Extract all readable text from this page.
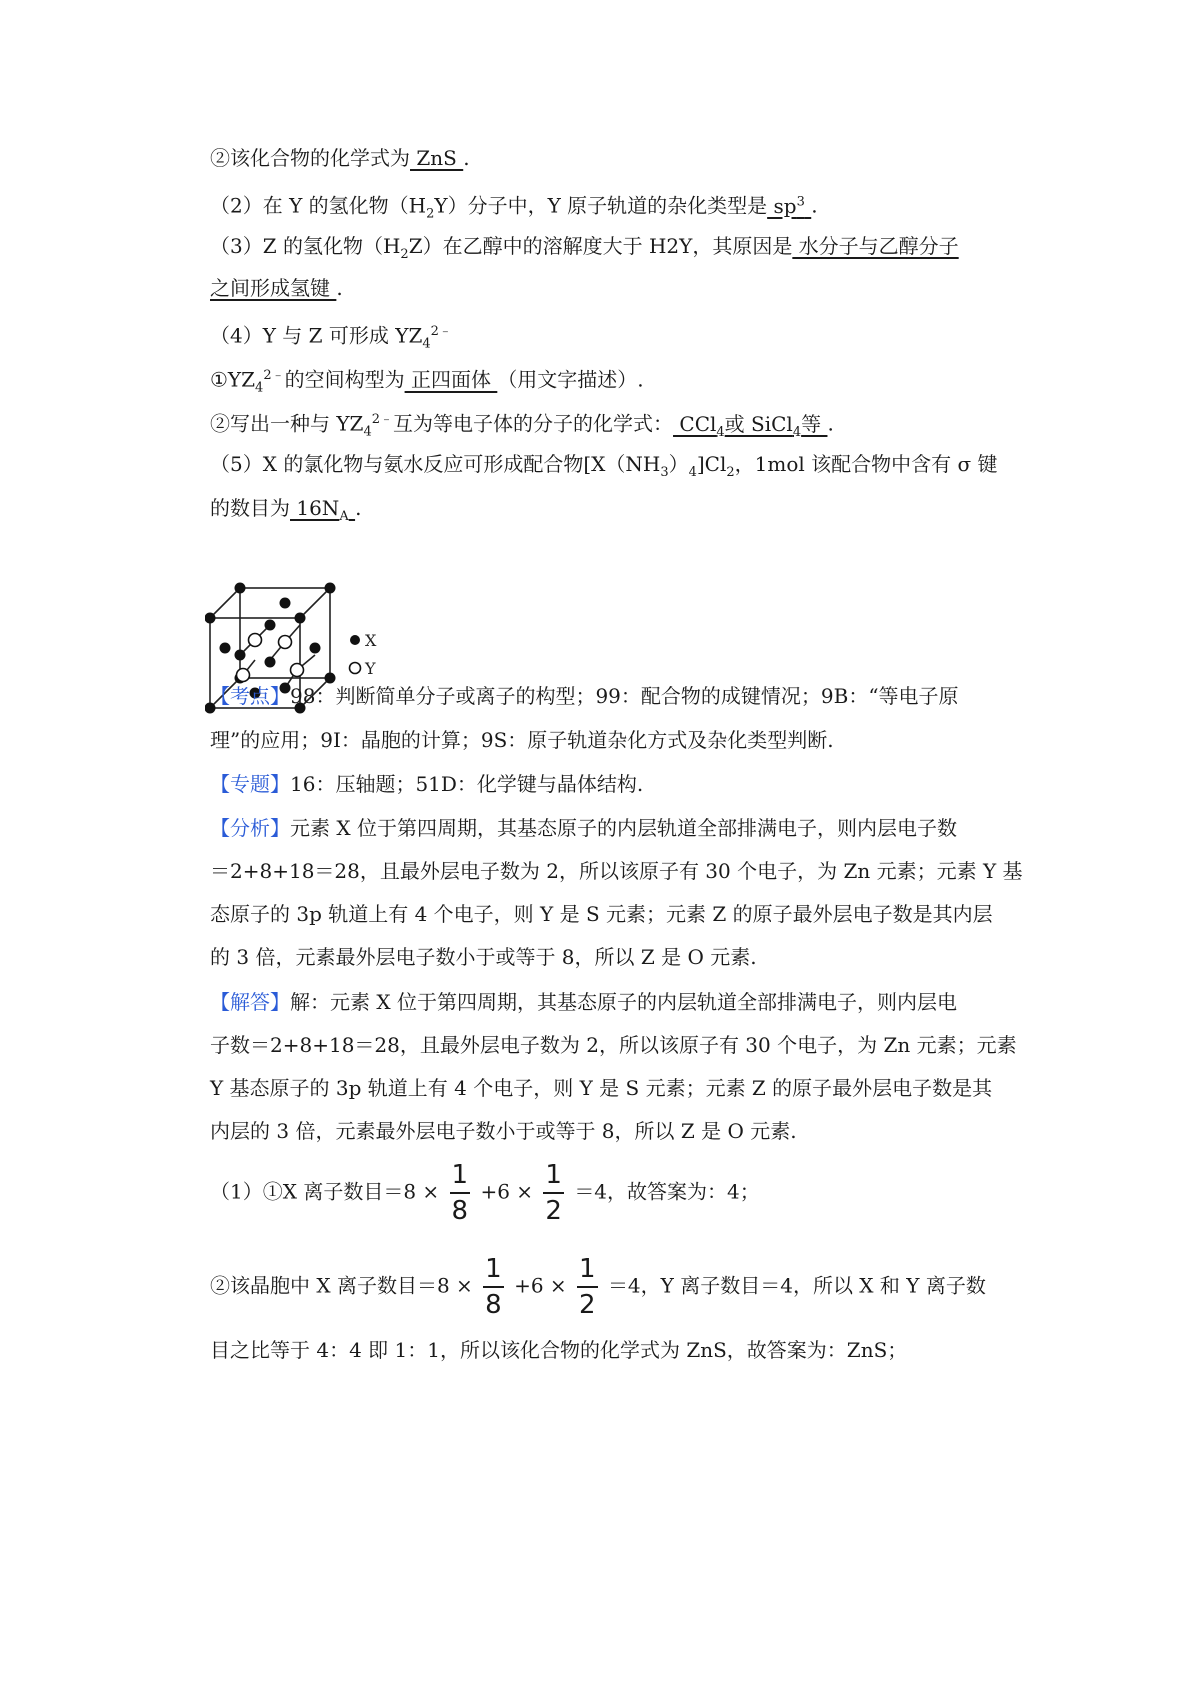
②该化合物的化学式为 ZnS .
（2）在 Y 的氢化物$(H_2Y)$分子中，Y 原子轨道的杂化类型是 $sp^3$ .
（3）Z 的氢化物$(H_2Z)$在乙醇中的溶解度大于 H2Y，其原因是 水分子与乙醇分子
之间形成氢键 .
（4）Y 与 Z 可形成 $YZ_4^{2﹣}$
$①YZ_4^{2﹣}$的空间构型为 正四面体 （用文字描述）.
②写出一种与 $YZ_4^{2﹣}$互为等电子体的分子的化学式： CCl$_4$或 SiCl$_4$等 .
（5）X 的氯化物与氨水反应可形成配合物$[X(NH_3)_4]Cl_2$，1mol 该配合物中含有 σ 键
的数目为 $16N_A$ .
X
Y
【考点】98：判断简单分子或离子的构型；99：配合物的成键情况；9B：“等电子原
理”的应用；9I：晶胞的计算；9S：原子轨道杂化方式及杂化类型判断.
【专题】16：压轴题；51D：化学键与晶体结构.
【分析】元素 X 位于第四周期，其基态原子的内层轨道全部排满电子，则内层电子数
＝2+8+18＝28，且最外层电子数为 2，所以该原子有 30 个电子，为 Zn 元素；元素 Y 基
态原子的 3p 轨道上有 4 个电子，则 Y 是 S 元素；元素 Z 的原子最外层电子数是其内层
的 3 倍，元素最外层电子数小于或等于 8，所以 Z 是 O 元素.
【解答】解：元素 X 位于第四周期，其基态原子的内层轨道全部排满电子，则内层电
子数＝2+8+18＝28，且最外层电子数为 2，所以该原子有 30 个电子，为 Zn 元素；元素
Y 基态原子的 3p 轨道上有 4 个电子，则 Y 是 S 元素；元素 Z 的原子最外层电子数是其
内层的 3 倍，元素最外层电子数小于或等于 8，所以 Z 是 O 元素.
（1）①X 离子数目$=8 \times \frac{1}{8} +6 \times \frac{1}{2} =4$，故答案为：4；
②该晶胞中 X 离子数目$=8 \times \frac{1}{8} +6 \times \frac{1}{2} =4$，Y 离子数目＝4，所以 X 和 Y 离子数
目之比等于 4：4 即 1：1，所以该化合物的化学式为 ZnS，故答案为：ZnS；
